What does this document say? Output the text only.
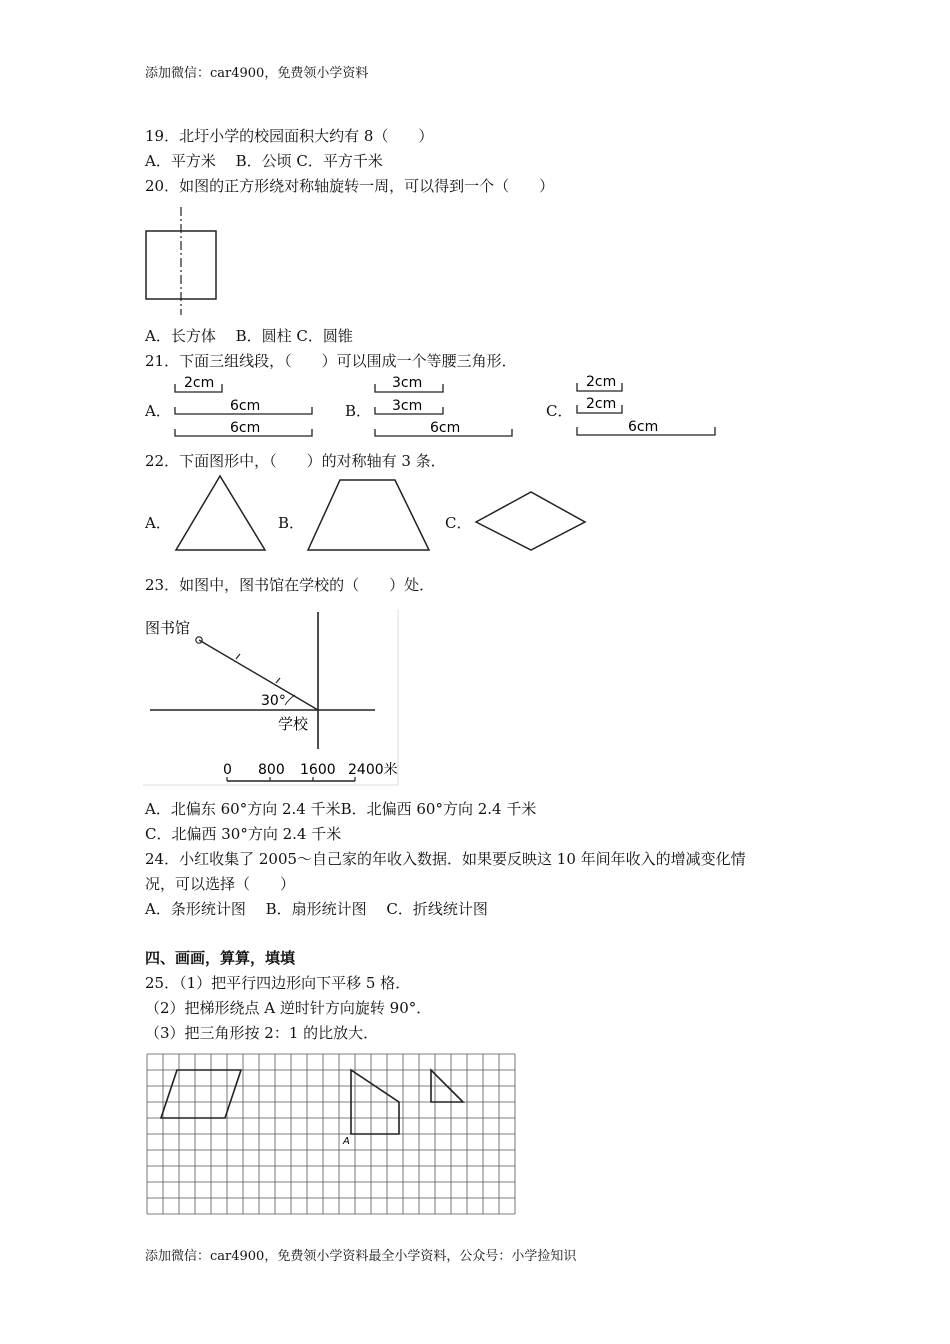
添加微信：car4900，免费领小学资料
19．北圩小学的校园面积大约有 8（　　）
A．平方米　 B．公顷 C．平方千米
20．如图的正方形绕对称轴旋转一周，可以得到一个（　　）
A．长方体　 B．圆柱 C．圆锥
21．下面三组线段，（　　）可以围成一个等腰三角形．
A．	B．	C．
2cm
6cm
6cm
3cm
3cm
6cm
2cm
2cm
6cm
22．下面图形中，（　　）的对称轴有 3 条．
A．	B．	C．
23．如图中，图书馆在学校的（　　）处．
图书馆
30°
学校
0 800 1600 2400米
A．北偏东 60°方向 2.4 千米B．北偏西 60°方向 2.4 千米
C．北偏西 30°方向 2.4 千米
24．小红收集了 2005～自己家的年收入数据．如果要反映这 10 年间年收入的增减变化情
况，可以选择（　　）
A．条形统计图　 B．扇形统计图　 C．折线统计图
四、画画，算算，填填
25．（1）把平行四边形向下平移 5 格．
（2）把梯形绕点 A 逆时针方向旋转 90°．
（3）把三角形按 2：1 的比放大．
A
添加微信：car4900，免费领小学资料最全小学资料，公众号：小学捡知识
